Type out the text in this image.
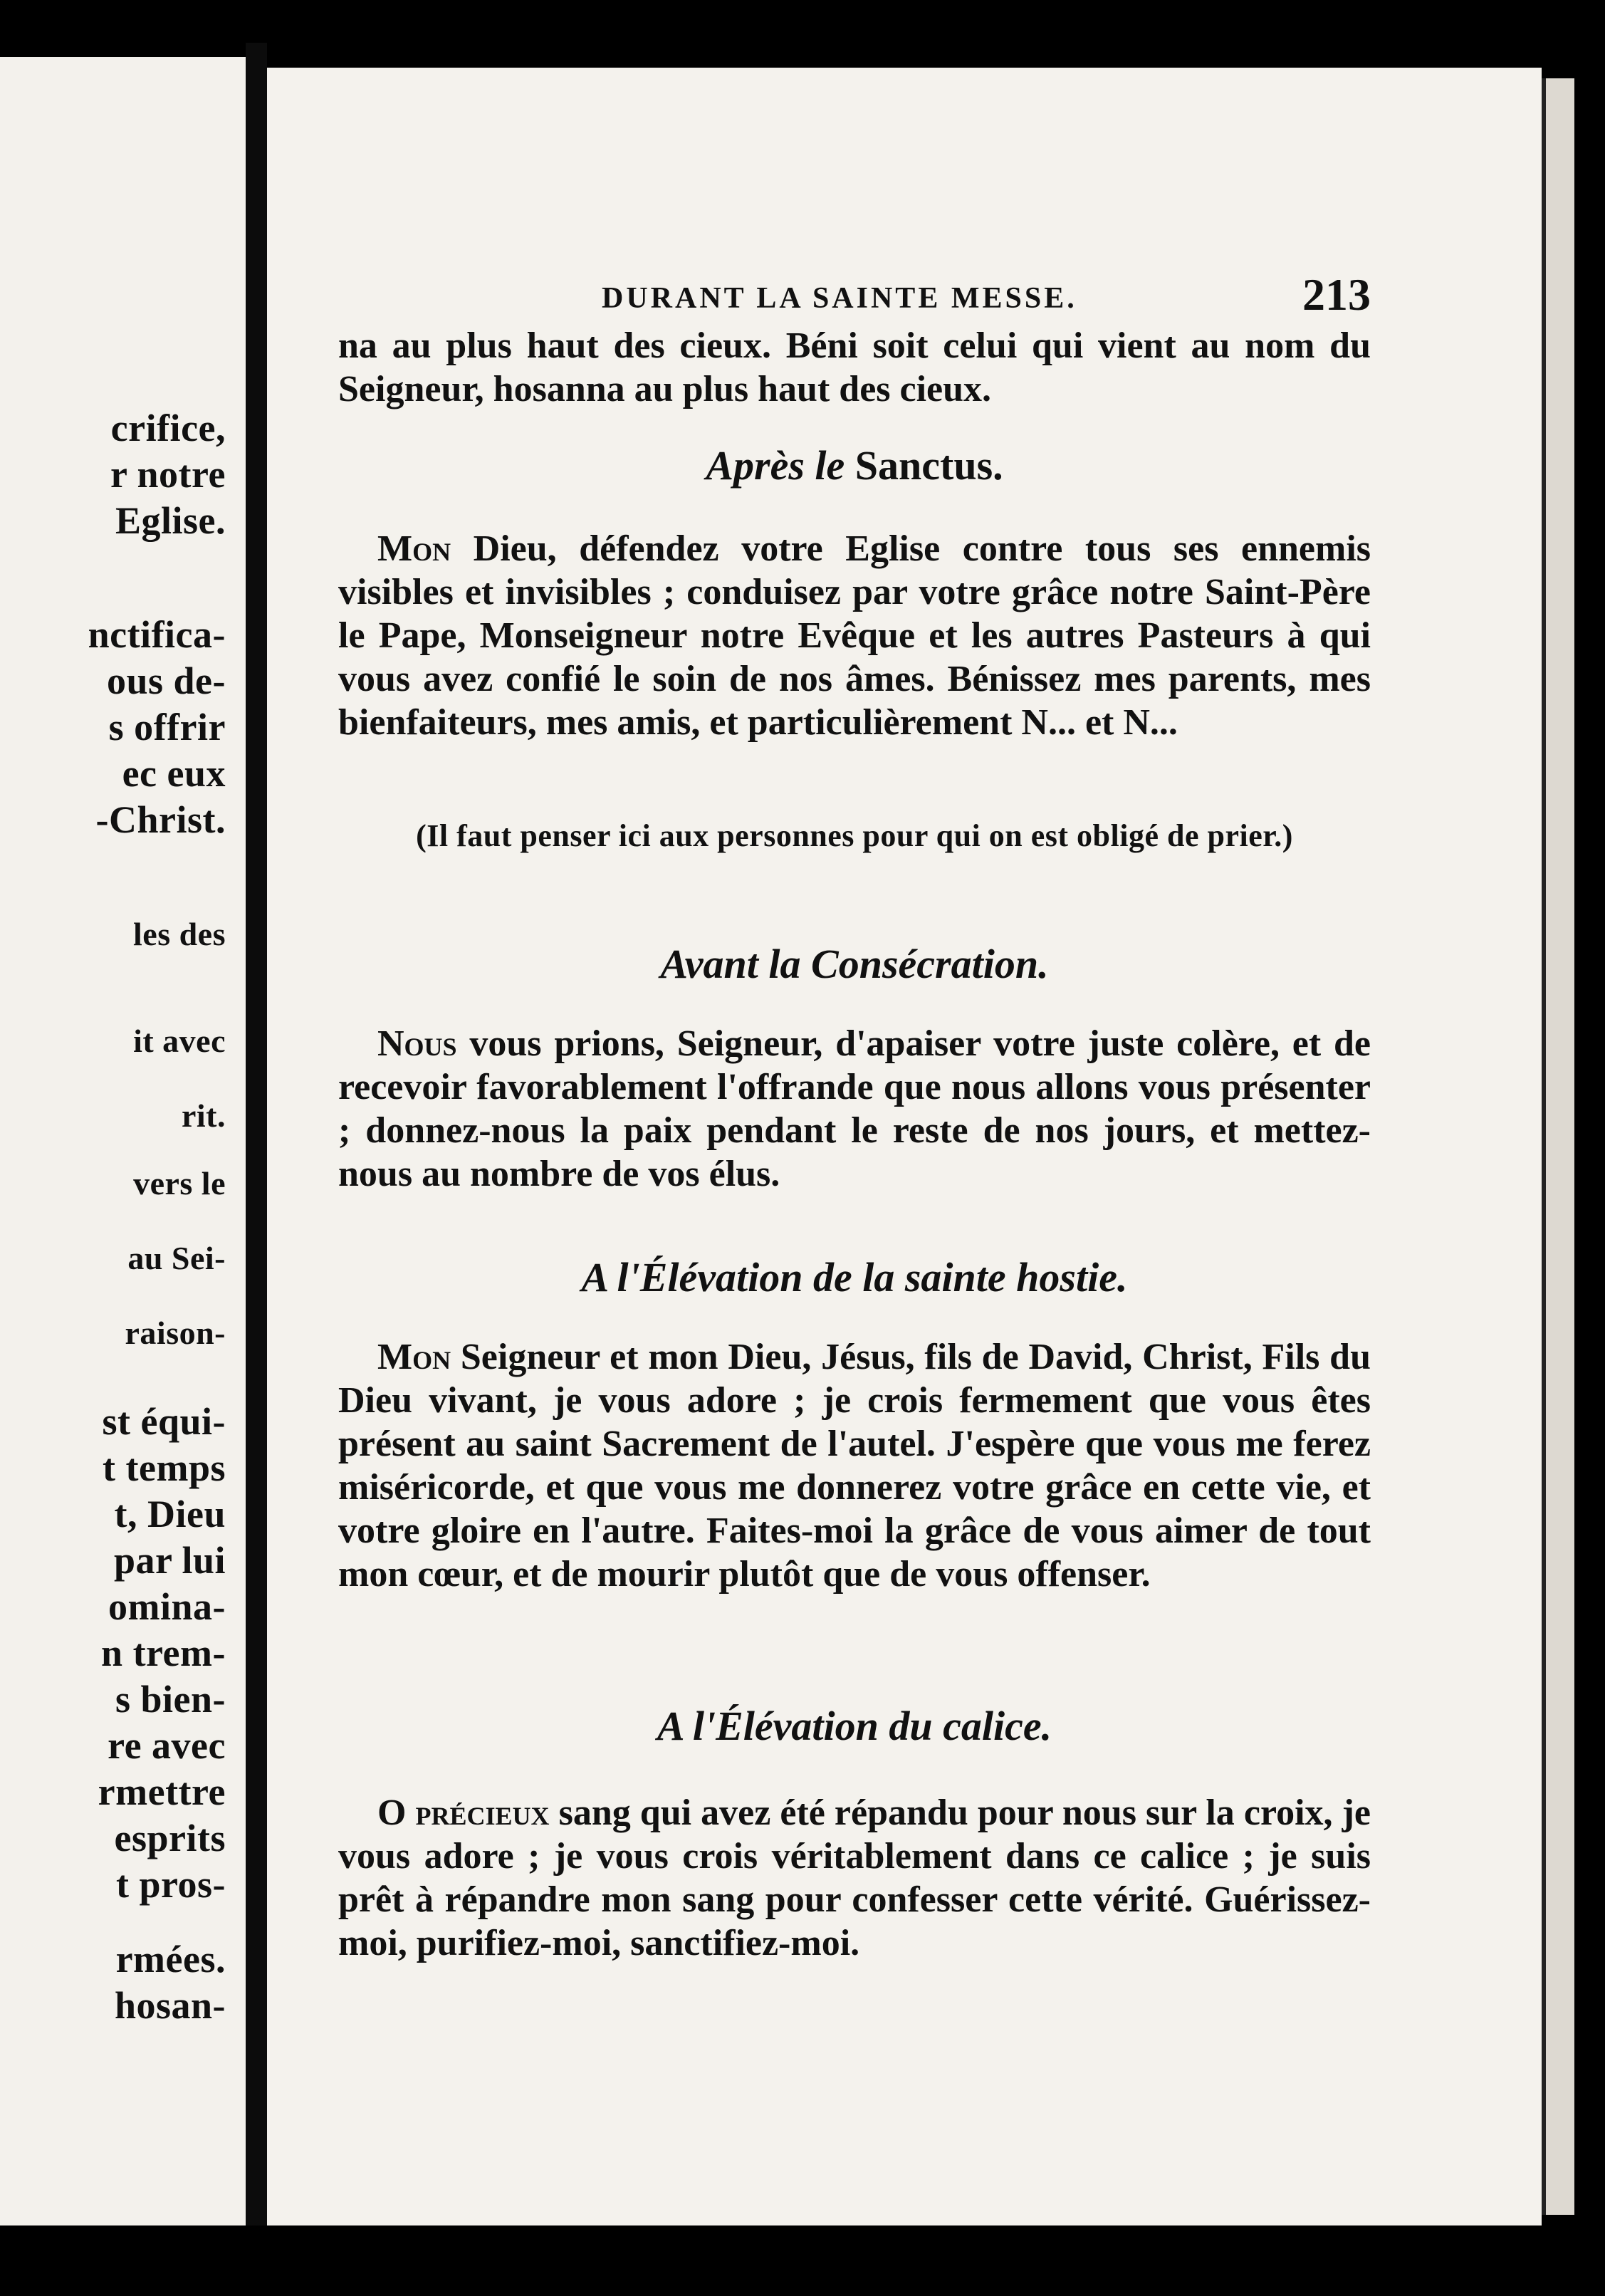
crifice,
r notre
Eglise.
nctifica-
ous de-
s offrir
ec eux
-Christ.
les des
it avec
rit.
vers le
au Sei-
raison-
st équi-
t temps
t, Dieu
par lui
omina-
n trem-
s bien-
re avec
rmettre
esprits
t pros-
rmées.
hosan-
DURANT LA SAINTE MESSE.	213
na au plus haut des cieux. Béni soit celui qui vient au nom du Seigneur, hosanna au plus haut des cieux.
Après le Sanctus.
Mon Dieu, défendez votre Eglise contre tous ses ennemis visibles et invisibles ; conduisez par votre grâce notre Saint-Père le Pape, Monseigneur notre Evêque et les autres Pasteurs à qui vous avez confié le soin de nos âmes. Bénissez mes parents, mes bienfaiteurs, mes amis, et particulièrement N... et N...
(Il faut penser ici aux personnes pour qui on est obligé de prier.)
Avant la Consécration.
Nous vous prions, Seigneur, d'apaiser votre juste colère, et de recevoir favorablement l'offrande que nous allons vous présenter ; donnez-nous la paix pendant le reste de nos jours, et mettez-nous au nombre de vos élus.
A l'Élévation de la sainte hostie.
Mon Seigneur et mon Dieu, Jésus, fils de David, Christ, Fils du Dieu vivant, je vous adore ; je crois fermement que vous êtes présent au saint Sacrement de l'autel. J'espère que vous me ferez miséricorde, et que vous me donnerez votre grâce en cette vie, et votre gloire en l'autre. Faites-moi la grâce de vous aimer de tout mon cœur, et de mourir plutôt que de vous offenser.
A l'Élévation du calice.
O précieux sang qui avez été répandu pour nous sur la croix, je vous adore ; je vous crois véritablement dans ce calice ; je suis prêt à répandre mon sang pour confesser cette vérité. Guérissez-moi, purifiez-moi, sanctifiez-moi.
